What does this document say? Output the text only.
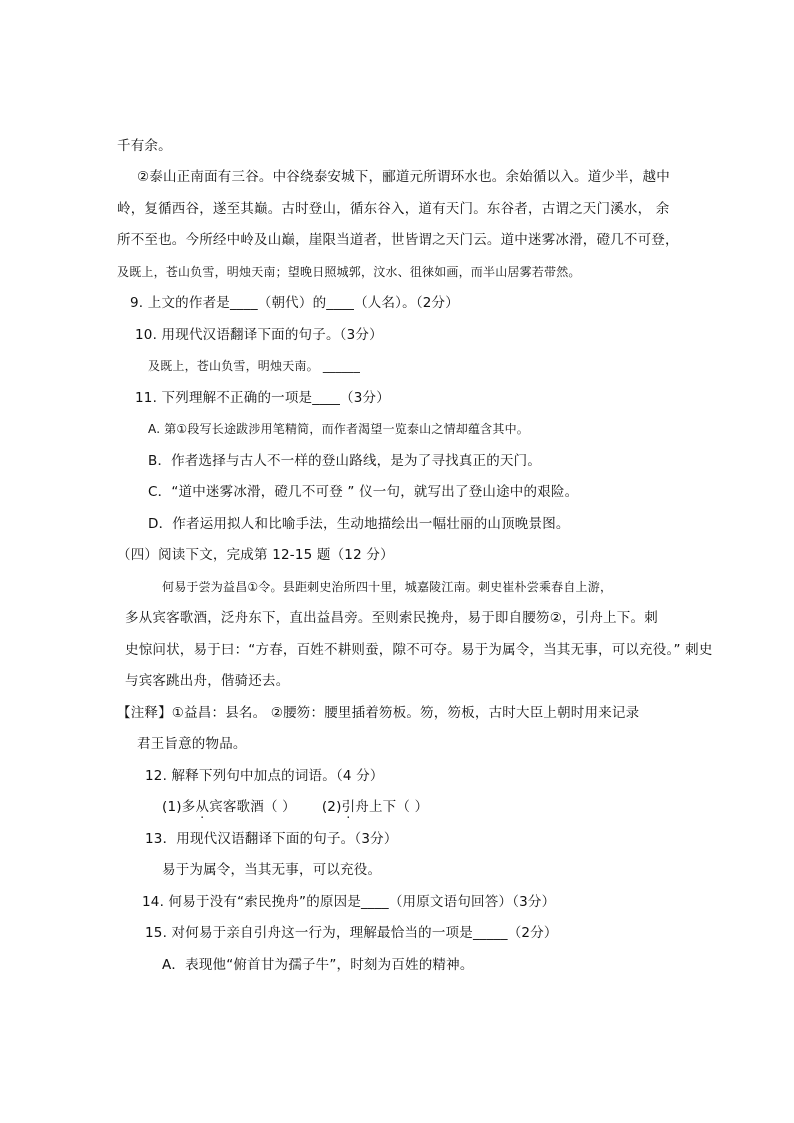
千有余。
②泰山正南面有三谷。中谷绕泰安城下，郦道元所谓环水也。余始循以入。道少半，越中
岭，复循西谷，遂至其巅。古时登山，循东谷入，道有天门。东谷者，古谓之天门溪水， 余
所不至也。今所经中岭及山巅，崖限当道者，世皆谓之天门云。道中迷雾冰滑，磴几不可登，
及既上，苍山负雪，明烛天南；望晚日照城郭，汶水、徂徕如画，而半山居雾若带然。
9. 上文的作者是____（朝代）的____（人名）。（2分）
10. 用现代汉语翻译下面的句子。（3分）
及既上，苍山负雪，明烛天南。 ______
11. 下列理解不正确的一项是____（3分）
A. 第①段写长途跋涉用笔精简，而作者渴望一览泰山之情却蕴含其中。
B．作者选择与古人不一样的登山路线，是为了寻找真正的天门。
C．“道中迷雾冰滑，磴几不可登 ” 仪一句，就写出了登山途中的艰险。
D．作者运用拟人和比喻手法，生动地描绘出一幅壮丽的山顶晚景图。
（四）阅读下文，完成第 12-15 题（12 分）
何易于尝为益昌①令。县距刺史治所四十里，城嘉陵江南。刺史崔朴尝乘春自上游，
多从宾客歌酒，泛舟东下，直出益昌旁。至则索民挽舟，易于即自腰笏②，引舟上下。刺
史惊问状，易于曰：“方春，百姓不耕则蚕，隙不可夺。易于为属令，当其无事，可以充役。” 刺史
与宾客跳出舟，偕骑还去。
【注释】①益昌：县名。 ②腰笏：腰里插着笏板。笏，笏板，古时大臣上朝时用来记录
君王旨意的物品。
12. 解释下列句中加点的词语。（4 分）
(1)多从宾客歌酒（ ） (2)引舟上下（ ）
13．用现代汉语翻译下面的句子。（3分）
易于为属令，当其无事，可以充役。
14. 何易于没有“索民挽舟”的原因是____（用原文语句回答）（3分）
15. 对何易于亲自引舟这一行为，理解最恰当的一项是_____（2分）
A．表现他“俯首甘为孺子牛”，时刻为百姓的精神。
